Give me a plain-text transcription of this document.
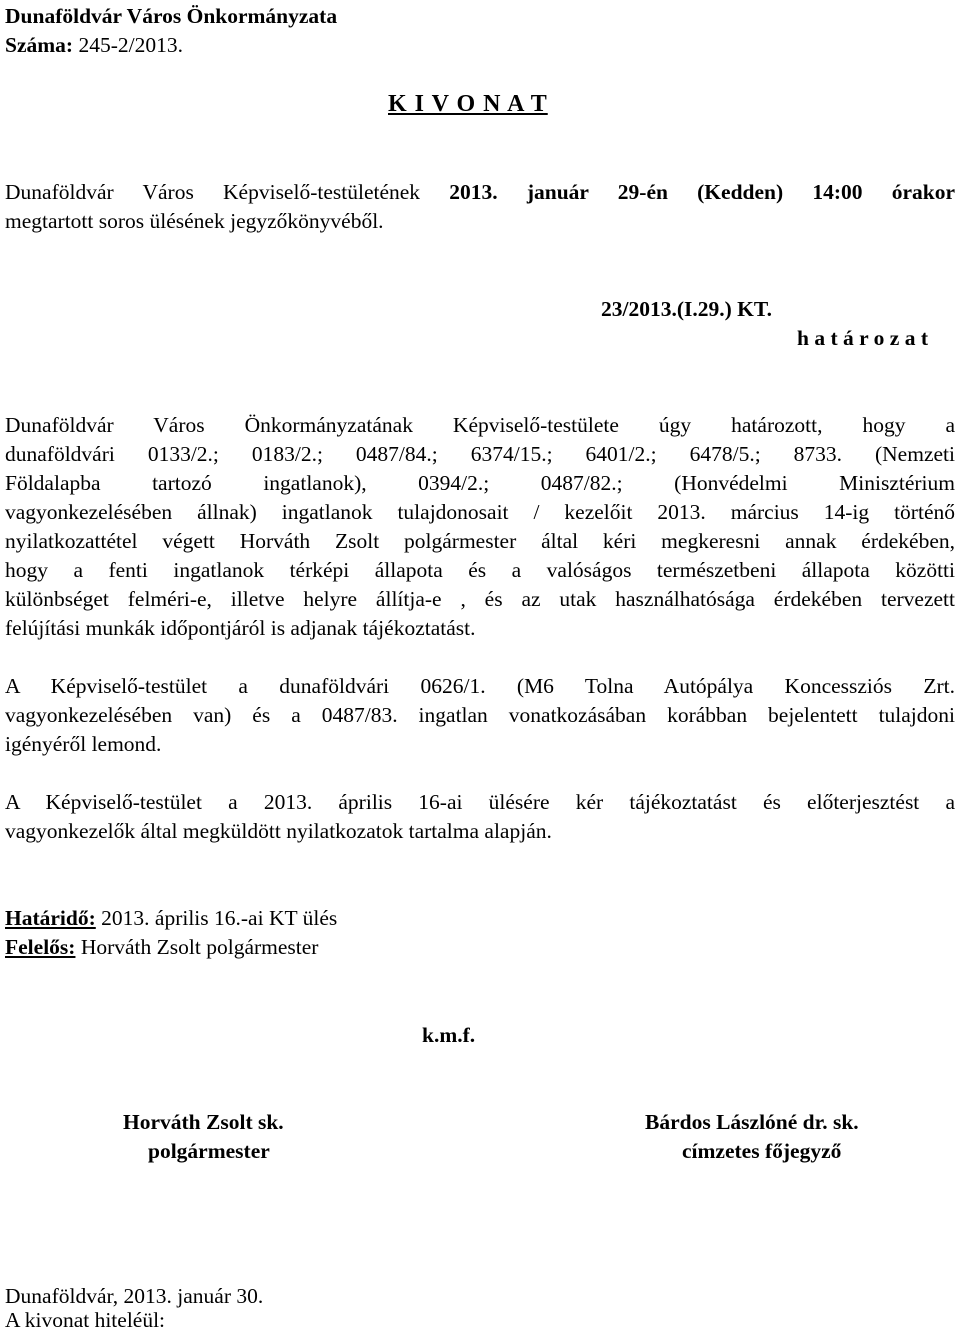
Dunaföldvár Város Önkormányzata
Száma: 245-2/2013.
K I V O N A T
Dunaföldvár Város Képviselő-testületének 2013. január 29-én (Kedden) 14:00 órakor
megtartott soros ülésének jegyzőkönyvéből.
23/2013.(I.29.) KT.
h a t á r o z a t
Dunaföldvár Város Önkormányzatának Képviselő-testülete úgy határozott, hogy a
dunaföldvári 0133/2.; 0183/2.; 0487/84.; 6374/15.; 6401/2.; 6478/5.; 8733. (Nemzeti
Földalapba tartozó ingatlanok), 0394/2.; 0487/82.; (Honvédelmi Minisztérium
vagyonkezelésében állnak) ingatlanok tulajdonosait / kezelőit 2013. március 14-ig történő
nyilatkozattétel végett Horváth Zsolt polgármester által kéri megkeresni annak érdekében,
hogy a fenti ingatlanok térképi állapota és a valóságos természetbeni állapota közötti
különbséget felméri-e, illetve helyre állítja-e , és az utak használhatósága érdekében tervezett
felújítási munkák időpontjáról is adjanak tájékoztatást.
A Képviselő-testület a dunaföldvári 0626/1. (M6 Tolna Autópálya Koncessziós Zrt.
vagyonkezelésében van) és a 0487/83. ingatlan vonatkozásában korábban bejelentett tulajdoni
igényéről lemond.
A Képviselő-testület a 2013. április 16-ai ülésére kér tájékoztatást és előterjesztést a
vagyonkezelők által megküldött nyilatkozatok tartalma alapján.
Határidő: 2013. április 16.-ai KT ülés
Felelős: Horváth Zsolt polgármester
k.m.f.
Horváth Zsolt sk.
polgármester
Bárdos Lászlóné dr. sk.
címzetes főjegyző
Dunaföldvár, 2013. január 30.
A kivonat hiteléül:
